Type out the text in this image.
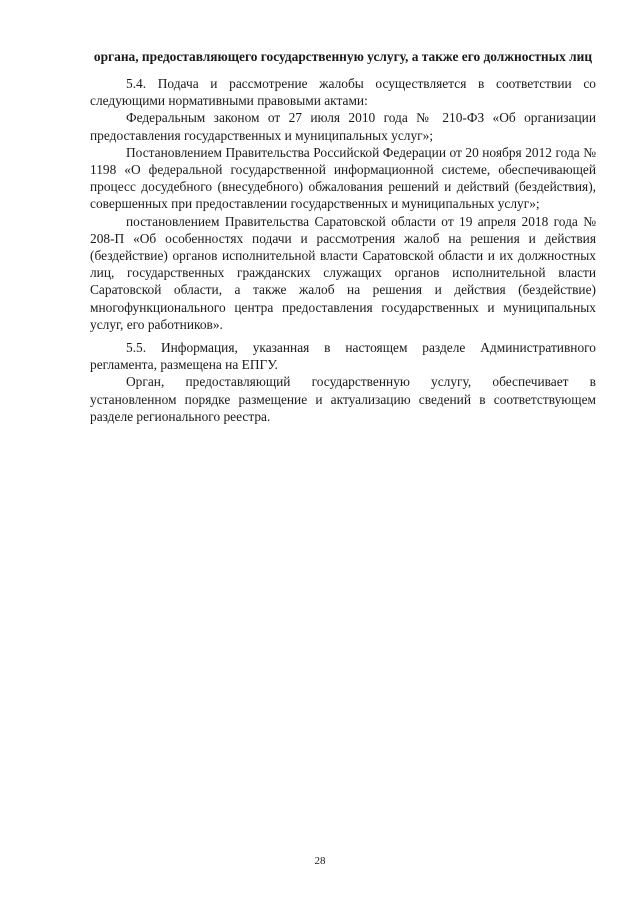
органа, предоставляющего государственную услугу, а также его должностных лиц

5.4. Подача и рассмотрение жалобы осуществляется в соответствии со следующими нормативными правовыми актами:

Федеральным законом от 27 июля 2010 года № 210-ФЗ «Об организации предоставления государственных и муниципальных услуг»;

Постановлением Правительства Российской Федерации от 20 ноября 2012 года № 1198 «О федеральной государственной информационной системе, обеспечивающей процесс досудебного (внесудебного) обжалования решений и действий (бездействия), совершенных при предоставлении государственных и муниципальных услуг»;

постановлением Правительства Саратовской области от 19 апреля 2018 года № 208-П «Об особенностях подачи и рассмотрения жалоб на решения и действия (бездействие) органов исполнительной власти Саратовской области и их должностных лиц, государственных гражданских служащих органов исполнительной власти Саратовской области, а также жалоб на решения и действия (бездействие) многофункционального центра предоставления государственных и муниципальных услуг, его работников».

5.5. Информация, указанная в настоящем разделе Административного регламента, размещена на ЕПГУ.

Орган, предоставляющий государственную услугу, обеспечивает в установленном порядке размещение и актуализацию сведений в соответствующем разделе регионального реестра.

28
